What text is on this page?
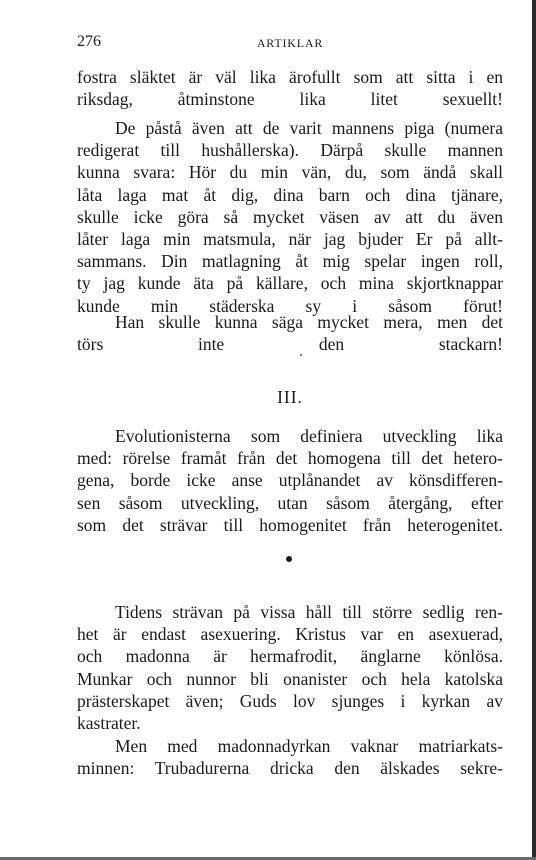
276	ARTIKLAR
fostra släktet är väl lika ärofullt som att sitta i en
riksdag, åtminstone lika litet sexuellt!
De påstå även att de varit mannens piga (numera
redigerat till hushållerska). Därpå skulle mannen
kunna svara: Hör du min vän, du, som ändå skall
låta laga mat åt dig, dina barn och dina tjänare,
skulle icke göra så mycket väsen av att du även
låter laga min matsmula, när jag bjuder Er på allt-
sammans. Din matlagning åt mig spelar ingen roll,
ty jag kunde äta på källare, och mina skjortknappar
kunde min städerska sy i såsom förut!
Han skulle kunna säga mycket mera, men det
törs inte den stackarn!
III.
Evolutionisterna som definiera utveckling lika
med: rörelse framåt från det homogena till det hetero-
gena, borde icke anse utplånandet av könsdifferen-
sen såsom utveckling, utan såsom återgång, efter
som det strävar till homogenitet från heterogenitet.
Tidens strävan på vissa håll till större sedlig ren-
het är endast asexuering. Kristus var en asexuerad,
och madonna är hermafrodit, änglarne könlösa.
Munkar och nunnor bli onanister och hela katolska
prästerskapet även; Guds lov sjunges i kyrkan av
kastrater.
Men med madonnadyrkan vaknar matriarkats-
minnen: Trubadurerna dricka den älskades sekre-
